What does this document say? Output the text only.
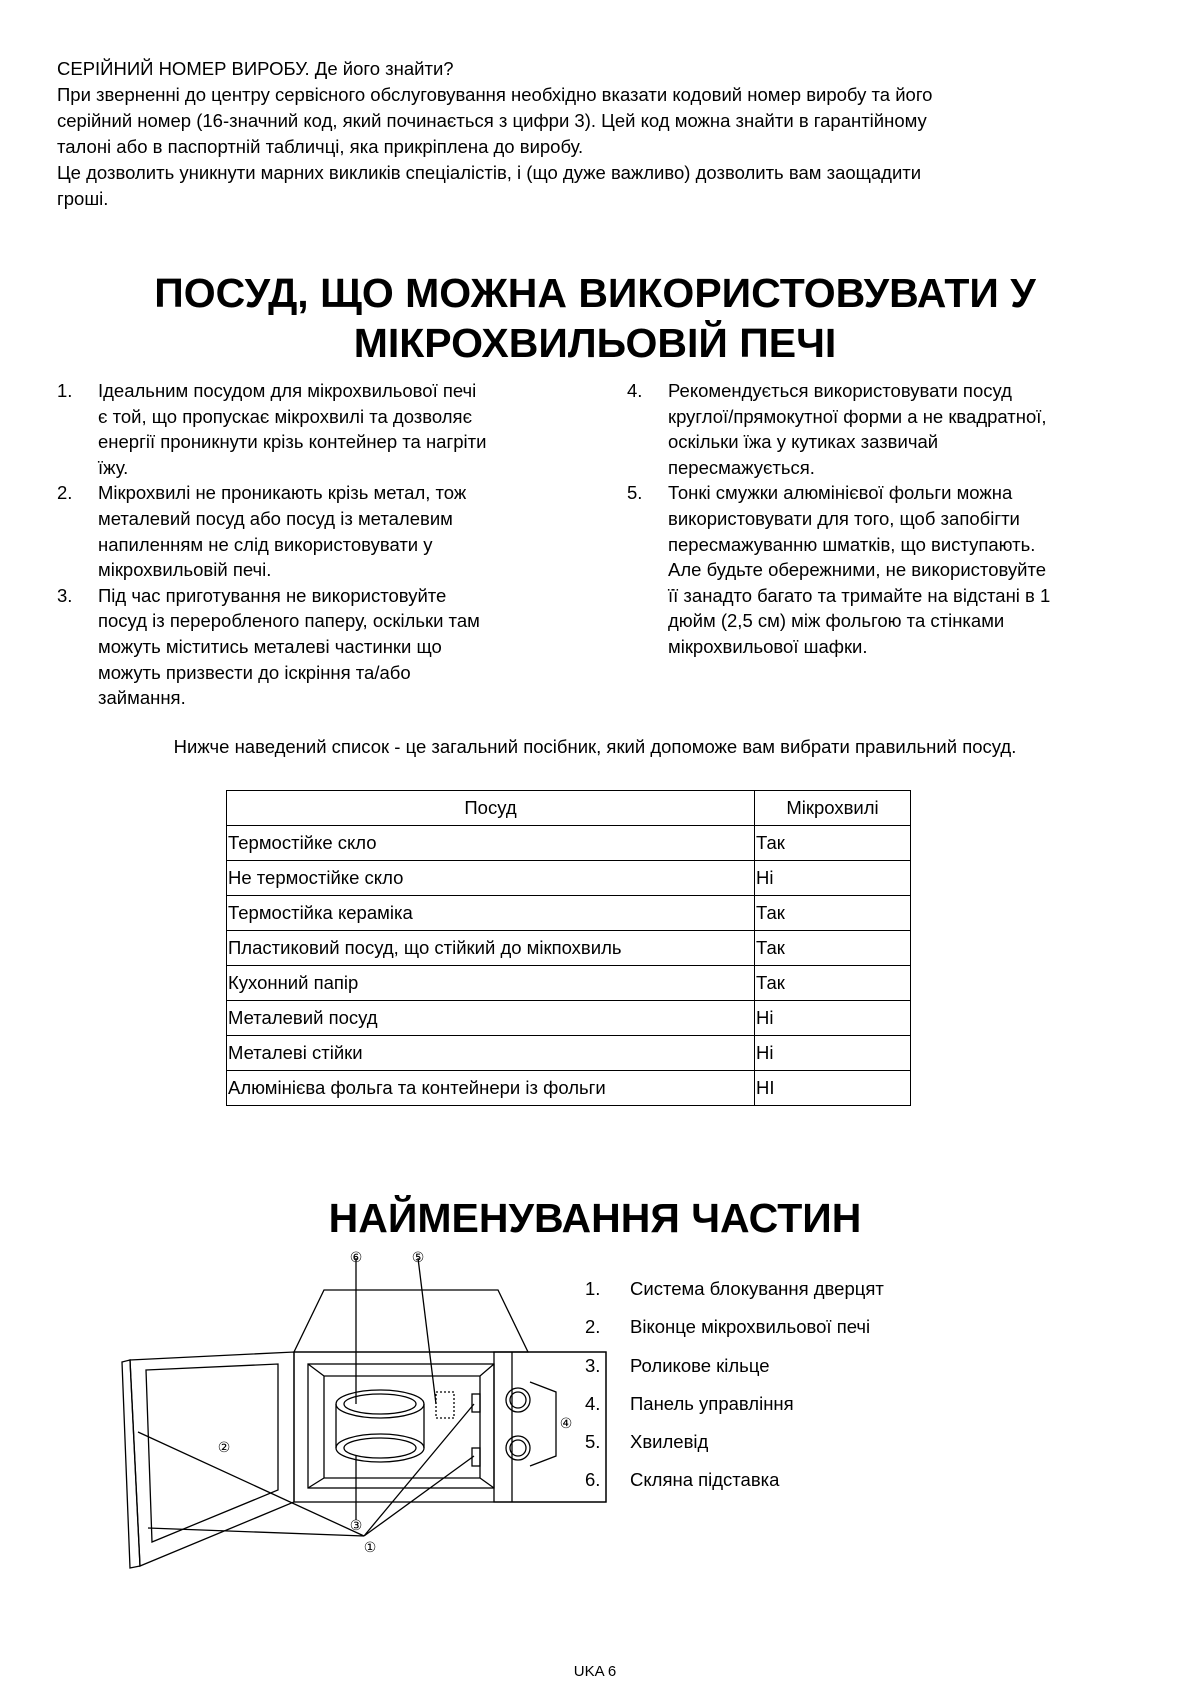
СЕРІЙНИЙ НОМЕР ВИРОБУ. Де його знайти?

При зверненні до центру сервісного обслуговування необхідно вказати кодовий номер виробу та його
серійний номер (16-значний код, який починається з цифри 3). Цей код можна знайти в гарантійному
талоні або в паспортній табличці, яка прикріплена до виробу.

Це дозволить уникнути марних викликів спеціалістів, і (що дуже важливо) дозволить вам заощадити
гроші.

ПОСУД, ЩО МОЖНА ВИКОРИСТОВУВАТИ У
МІКРОХВИЛЬОВІЙ ПЕЧІ
1. Ідеальним посудом для мікрохвильової печі
є той, що пропускає мікрохвилі та дозволяє
енергії проникнути крізь контейнер та нагріти
їжу.
2. Мікрохвилі не проникають крізь метал, тож
металевий посуд або посуд із металевим
напиленням не слід використовувати у
мікрохвильовій печі.
3. Під час приготування не використовуйте
посуд із переробленого паперу, оскільки там
можуть міститись металеві частинки що
можуть призвести до іскріння та/або
займання.
4. Рекомендується використовувати посуд
круглої/прямокутної форми а не квадратної,
оскільки їжа у кутиках зазвичай
пересмажується.
5. Тонкі смужки алюмінієвої фольги можна
використовувати для того, щоб запобігти
пересмажуванню шматків, що виступають.
Але будьте обережними, не використовуйте
її занадто багато та тримайте на відстані в 1
дюйм (2,5 см) між фольгою та стінками
мікрохвильової шафки.
Нижче наведений список - це загальний посібник, який допоможе вам вибрати правильний посуд.
Посуд	Мікрохвилі
Термостійке скло	Так
Не термостійке скло	Ні
Термостійка кераміка	Так
Пластиковий посуд, що стійкий до мікпохвиль	Так
Кухонний папір	Так
Металевий посуд	Ні
Металеві стійки	Ні
Алюмінієва фольга та контейнери із фольги	НІ
НАЙМЕНУВАННЯ ЧАСТИН
⑥	⑤
④
②
③
①
1. Система блокування дверцят
2. Віконце мікрохвильової печі
3. Роликове кільце
4. Панель управління
5. Хвилевід
6. Скляна підставка
UKA 6
